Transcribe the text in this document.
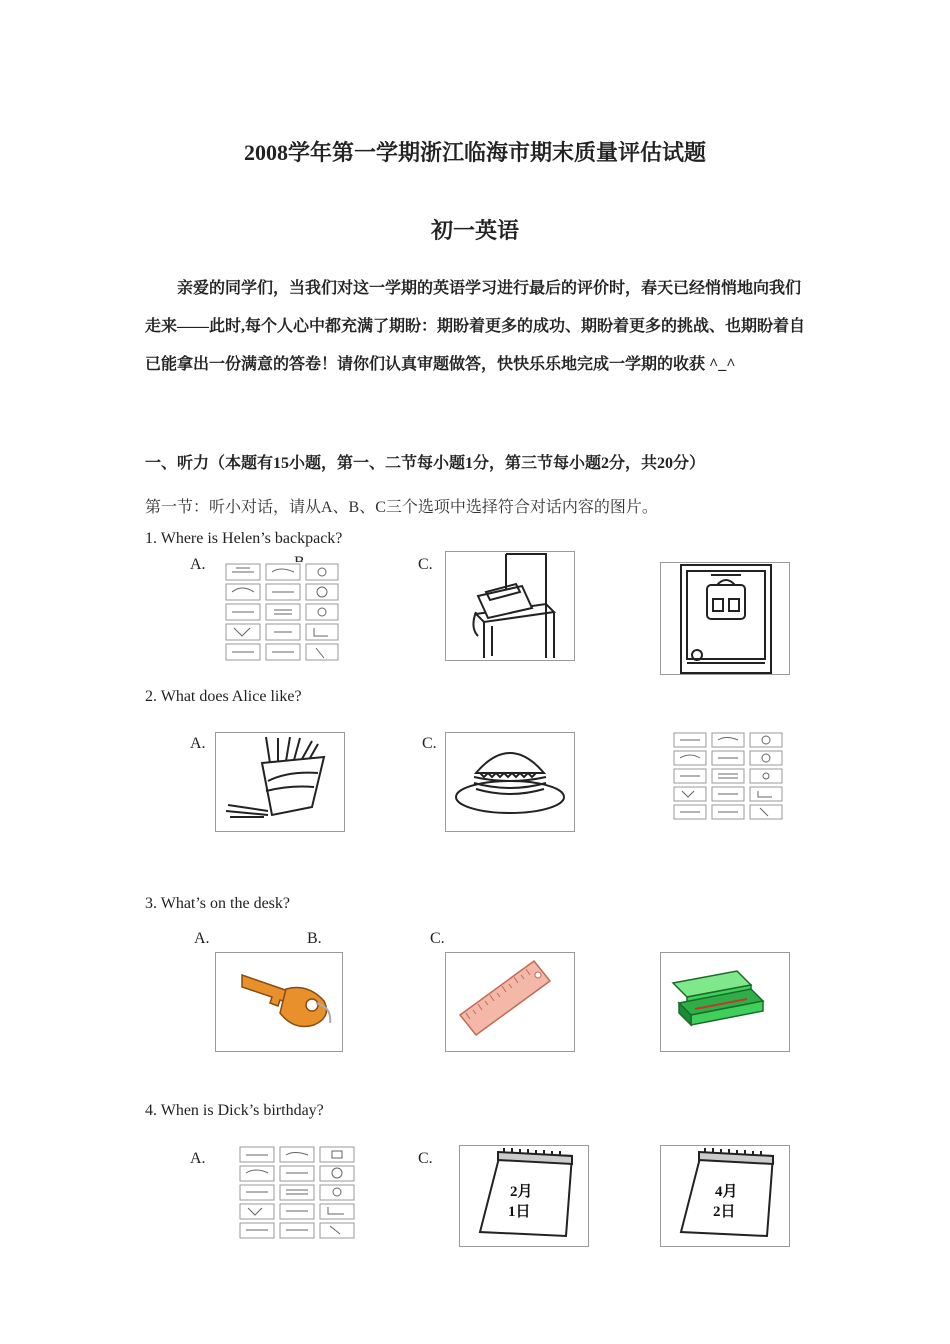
2008学年第一学期浙江临海市期末质量评估试题
初一英语
亲爱的同学们，当我们对这一学期的英语学习进行最后的评价时，春天已经悄悄地向我们走来——此时,每个人心中都充满了期盼：期盼着更多的成功、期盼着更多的挑战、也期盼着自已能拿出一份满意的答卷！请你们认真审题做答，快快乐乐地完成一学期的收获 ^_^
一、听力（本题有15小题，第一、二节每小题1分，第三节每小题2分，共20分）
第一节：听小对话，请从A、B、C三个选项中选择符合对话内容的图片。
1. Where is Helen’s backpack?
A.	C.
2. What does Alice like?
A.	C.
3. What’s on the desk?
A.	B.	C.
4. When is Dick’s birthday?
A.	C.
2月
1日
4月
2日
